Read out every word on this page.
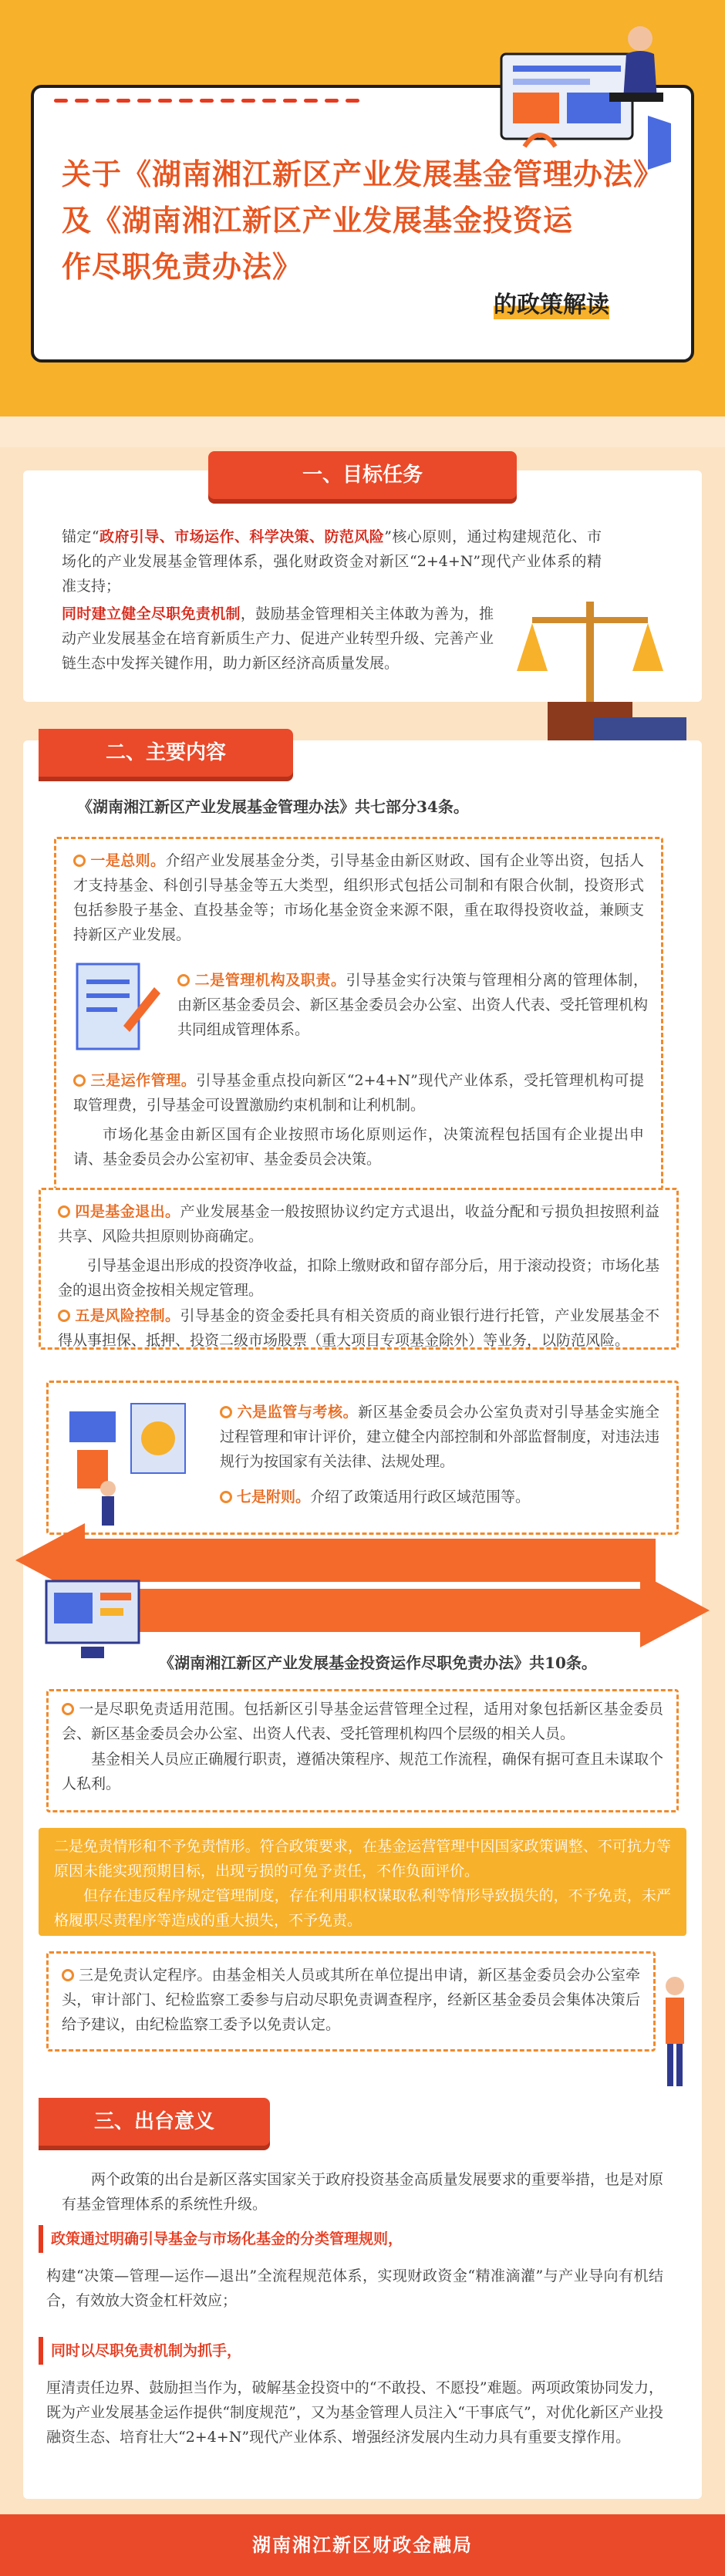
关于《湖南湘江新区产业发展基金管理办法》
及《湖南湘江新区产业发展基金投资运
作尽职免责办法》
的政策解读
一、目标任务

锚定“政府引导、市场运作、科学决策、防范风险”核心原则，通过构建规范化、市场化的产业发展基金管理体系，强化财政资金对新区“2+4+N”现代产业体系的精准支持；

同时建立健全尽职免责机制，鼓励基金管理相关主体敢为善为，推动产业发展基金在培育新质生产力、促进产业转型升级、完善产业链生态中发挥关键作用，助力新区经济高质量发展。

二、主要内容

《湖南湘江新区产业发展基金管理办法》共七部分34条。

一是总则。介绍产业发展基金分类，引导基金由新区财政、国有企业等出资，包括人才支持基金、科创引导基金等五大类型，组织形式包括公司制和有限合伙制，投资形式包括参股子基金、直投基金等；市场化基金资金来源不限，重在取得投资收益，兼顾支持新区产业发展。

二是管理机构及职责。引导基金实行决策与管理相分离的管理体制，由新区基金委员会、新区基金委员会办公室、出资人代表、受托管理机构共同组成管理体系。

三是运作管理。引导基金重点投向新区“2+4+N”现代产业体系，受托管理机构可提取管理费，引导基金可设置激励约束机制和让利机制。

市场化基金由新区国有企业按照市场化原则运作，决策流程包括国有企业提出申请、基金委员会办公室初审、基金委员会决策。

四是基金退出。产业发展基金一般按照协议约定方式退出，收益分配和亏损负担按照利益共享、风险共担原则协商确定。

引导基金退出形成的投资净收益，扣除上缴财政和留存部分后，用于滚动投资；市场化基金的退出资金按相关规定管理。

五是风险控制。引导基金的资金委托具有相关资质的商业银行进行托管，产业发展基金不得从事担保、抵押、投资二级市场股票（重大项目专项基金除外）等业务，以防范风险。

六是监管与考核。新区基金委员会办公室负责对引导基金实施全过程管理和审计评价，建立健全内部控制和外部监督制度，对违法违规行为按国家有关法律、法规处理。

七是附则。介绍了政策适用行政区域范围等。

《湖南湘江新区产业发展基金投资运作尽职免责办法》共10条。

一是尽职免责适用范围。包括新区引导基金运营管理全过程，适用对象包括新区基金委员会、新区基金委员会办公室、出资人代表、受托管理机构四个层级的相关人员。

基金相关人员应正确履行职责，遵循决策程序、规范工作流程，确保有据可查且未谋取个人私利。

二是免责情形和不予免责情形。符合政策要求，在基金运营管理中因国家政策调整、不可抗力等原因未能实现预期目标，出现亏损的可免予责任，不作负面评价。

但存在违反程序规定管理制度，存在利用职权谋取私利等情形导致损失的，不予免责，未严格履职尽责程序等造成的重大损失，不予免责。

三是免责认定程序。由基金相关人员或其所在单位提出申请，新区基金委员会办公室牵头，审计部门、纪检监察工委参与启动尽职免责调查程序，经新区基金委员会集体决策后给予建议，由纪检监察工委予以免责认定。

三、出台意义

两个政策的出台是新区落实国家关于政府投资基金高质量发展要求的重要举措，也是对原有基金管理体系的系统性升级。

政策通过明确引导基金与市场化基金的分类管理规则，

构建“决策—管理—运作—退出”全流程规范体系，实现财政资金“精准滴灌”与产业导向有机结合，有效放大资金杠杆效应；

同时以尽职免责机制为抓手，

厘清责任边界、鼓励担当作为，破解基金投资中的“不敢投、不愿投”难题。两项政策协同发力，既为产业发展基金运作提供“制度规范”，又为基金管理人员注入“干事底气”，对优化新区产业投融资生态、培育壮大“2+4+N”现代产业体系、增强经济发展内生动力具有重要支撑作用。

湖南湘江新区财政金融局
